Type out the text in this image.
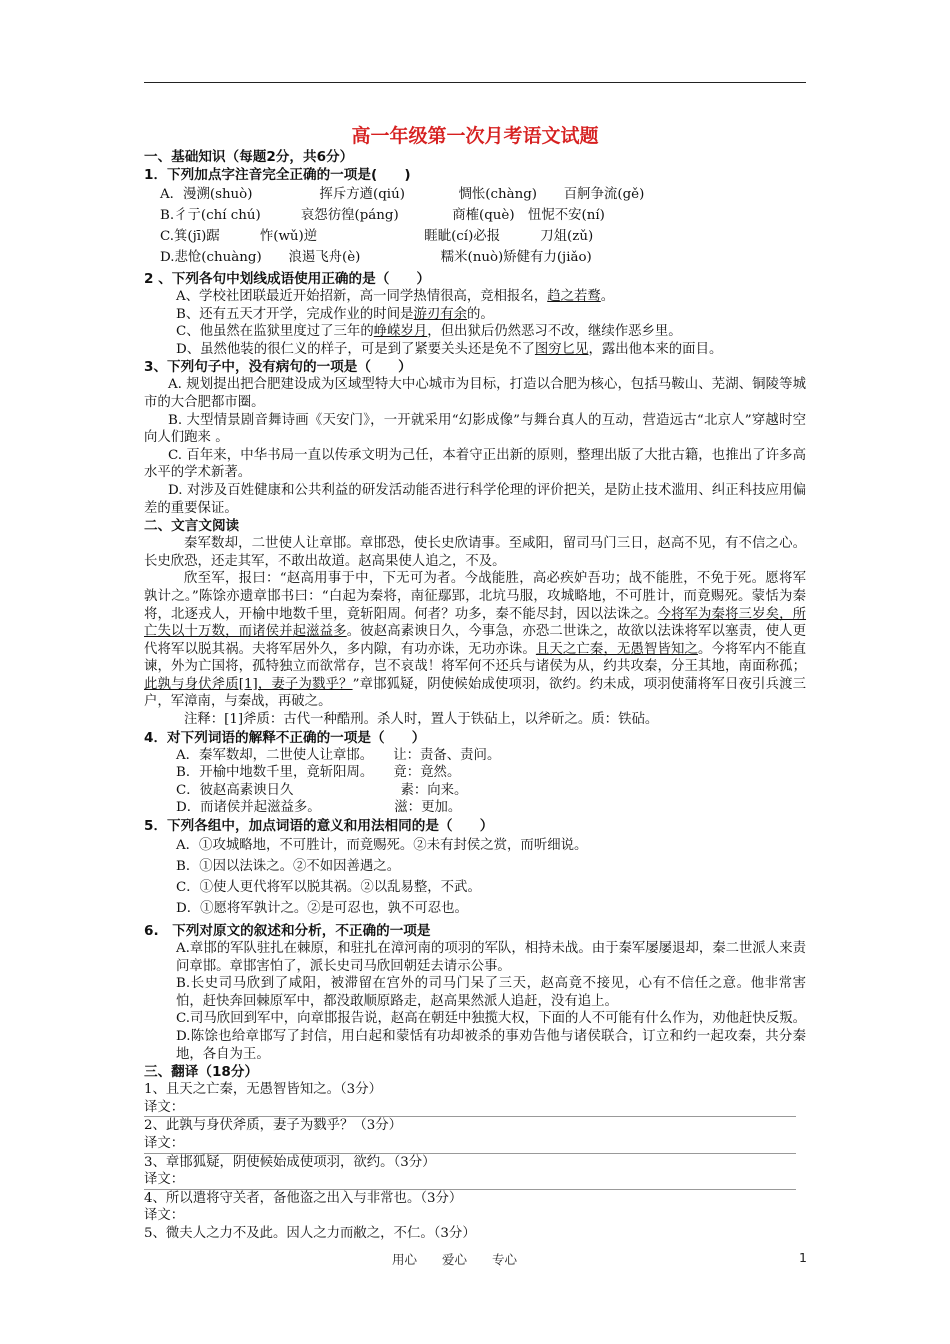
高一年级第一次月考语文试题
一、基础知识（每题2分，共6分）
1．下列加点字注音完全正确的一项是(　　)
A．漫溯(shuò)　　　　　挥斥方遒(qiú)　　　　惆怅(chàng)　　百舸争流(gě)
B.彳亍(chí chú)　　　哀怨彷徨(páng)　　　　商榷(què)　忸怩不安(ní)
C.箕(jī)踞　　　怍(wǔ)逆　　　　　　　　睚眦(cí)必报　　　刀俎(zǔ)
D.悲怆(chuàng)　　浪遏飞舟(è)　　　　　　糯米(nuò)矫健有力(jiǎo)
2 、下列各句中划线成语使用正确的是（　　）
A、学校社团联最近开始招新，高一同学热情很高，竞相报名，趋之若鹜。
B、还有五天才开学，完成作业的时间是游刃有余的。
C、他虽然在监狱里度过了三年的峥嵘岁月，但出狱后仍然恶习不改，继续作恶乡里。
D、虽然他装的很仁义的样子，可是到了紧要关头还是免不了图穷匕见，露出他本来的面目。
3、下列句子中，没有病句的一项是（　　）
A. 规划提出把合肥建设成为区域型特大中心城市为目标，打造以合肥为核心，包括马鞍山、芜湖、铜陵等城市的大合肥都市圈。
B. 大型情景剧音舞诗画《天安门》，一开就采用“幻影成像”与舞台真人的互动，营造远古“北京人”穿越时空向人们跑来 。
C. 百年来，中华书局一直以传承文明为己任，本着守正出新的原则，整理出版了大批古籍，也推出了许多高水平的学术新著。
D. 对涉及百姓健康和公共利益的研发活动能否进行科学伦理的评价把关，是防止技术滥用、纠正科技应用偏差的重要保证。
二、文言文阅读
秦军数却，二世使人让章邯。章邯恐，使长史欣请事。至咸阳，留司马门三日，赵高不见，有不信之心。长史欣恐，还走其军，不敢出故道。赵高果使人追之，不及。
欣至军，报曰：“赵高用事于中，下无可为者。今战能胜，高必疾妒吾功；战不能胜，不免于死。愿将军孰计之。”陈馀亦遗章邯书曰：“白起为秦将，南征鄢郢，北坑马服，攻城略地，不可胜计，而竟赐死。蒙恬为秦将，北逐戎人，开榆中地数千里，竟斩阳周。何者？功多，秦不能尽封，因以法诛之。今将军为秦将三岁矣，所亡失以十万数，而诸侯并起滋益多。彼赵高素谀日久，今事急，亦恐二世诛之，故欲以法诛将军以塞责，使人更代将军以脱其祸。夫将军居外久，多内隙，有功亦诛，无功亦诛。且天之亡秦，无愚智皆知之。今将军内不能直谏，外为亡国将，孤特独立而欲常存，岂不哀哉！将军何不还兵与诸侯为从，约共攻秦，分王其地，南面称孤；此孰与身伏斧质[1]，妻子为戮乎？”章邯狐疑，阴使候始成使项羽，欲约。约未成，项羽使蒲将军日夜引兵渡三户，军漳南，与秦战，再破之。
注释：[1]斧质：古代一种酷刑。杀人时，置人于铁砧上，以斧斫之。质：铁砧。
4．对下列词语的解释不正确的一项是（　　）
A．秦军数却，二世使人让章邯。　　让：责备、责问。
B．开榆中地数千里，竟斩阳周。　　竟：竟然。
C．彼赵高素谀日久　　　　　　　　素：向来。
D．而诸侯并起滋益多。　　　　　　滋：更加。
5．下列各组中，加点词语的意义和用法相同的是（　　）
A．①攻城略地，不可胜计，而竟赐死。②未有封侯之赏，而听细说。
B．①因以法诛之。②不如因善遇之。
C．①使人更代将军以脱其祸。②以乱易整，不武。
D．①愿将军孰计之。②是可忍也，孰不可忍也。
6.　下列对原文的叙述和分析，不正确的一项是
A.章邯的军队驻扎在棘原，和驻扎在漳河南的项羽的军队，相持未战。由于秦军屡屡退却，秦二世派人来责问章邯。章邯害怕了，派长史司马欣回朝廷去请示公事。
B.长史司马欣到了咸阳，被滞留在宫外的司马门呆了三天，赵高竟不接见，心有不信任之意。他非常害怕，赶快奔回棘原军中，都没敢顺原路走，赵高果然派人追赶，没有追上。
C.司马欣回到军中，向章邯报告说，赵高在朝廷中独揽大权，下面的人不可能有什么作为，劝他赶快反叛。
D.陈馀也给章邯写了封信，用白起和蒙恬有功却被杀的事劝告他与诸侯联合，订立和约一起攻秦，共分秦地，各自为王。
三、翻译（18分）
1、且天之亡秦，无愚智皆知之。（3分）
译文：
2、此孰与身伏斧质，妻子为戮乎？（3分）
译文：
3、章邯狐疑，阴使候始成使项羽，欲约。（3分）
译文：
4、所以遣将守关者，备他盗之出入与非常也。（3分）
译文：
5、微夫人之力不及此。因人之力而敝之，不仁。（3分）
用心　　爱心　　专心	1
